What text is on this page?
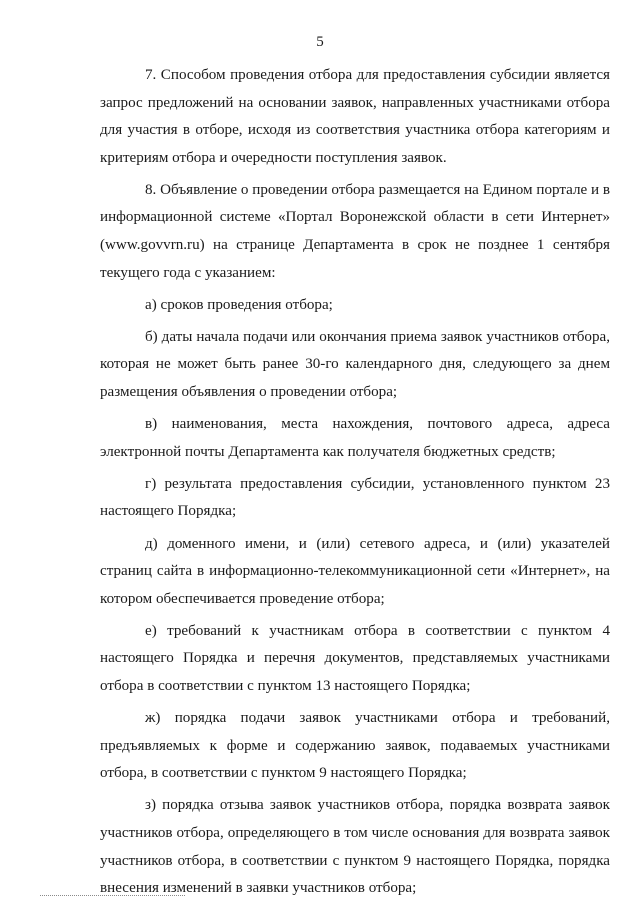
5

7. Способом проведения отбора для предоставления субсидии является запрос предложений на основании заявок, направленных участниками отбора для участия в отборе, исходя из соответствия участника отбора категориям и критериям отбора и очередности поступления заявок.

8. Объявление о проведении отбора размещается на Едином портале и в информационной системе «Портал Воронежской области в сети Интернет» (www.govvrn.ru) на странице Департамента в срок не позднее 1 сентября текущего года с указанием:

а) сроков проведения отбора;

б) даты начала подачи или окончания приема заявок участников отбора, которая не может быть ранее 30-го календарного дня, следующего за днем размещения объявления о проведении отбора;

в) наименования, места нахождения, почтового адреса, адреса электронной почты Департамента как получателя бюджетных средств;

г) результата предоставления субсидии, установленного пунктом 23 настоящего Порядка;

д) доменного имени, и (или) сетевого адреса, и (или) указателей страниц сайта в информационно-телекоммуникационной сети «Интернет», на котором обеспечивается проведение отбора;

е) требований к участникам отбора в соответствии с пунктом 4 настоящего Порядка и перечня документов, представляемых участниками отбора в соответствии с пунктом 13 настоящего Порядка;

ж) порядка подачи заявок участниками отбора и требований, предъявляемых к форме и содержанию заявок, подаваемых участниками отбора, в соответствии с пунктом 9 настоящего Порядка;

з) порядка отзыва заявок участников отбора, порядка возврата заявок участников отбора, определяющего в том числе основания для возврата заявок участников отбора, в соответствии с пунктом 9 настоящего Порядка, порядка внесения изменений в заявки участников отбора;
